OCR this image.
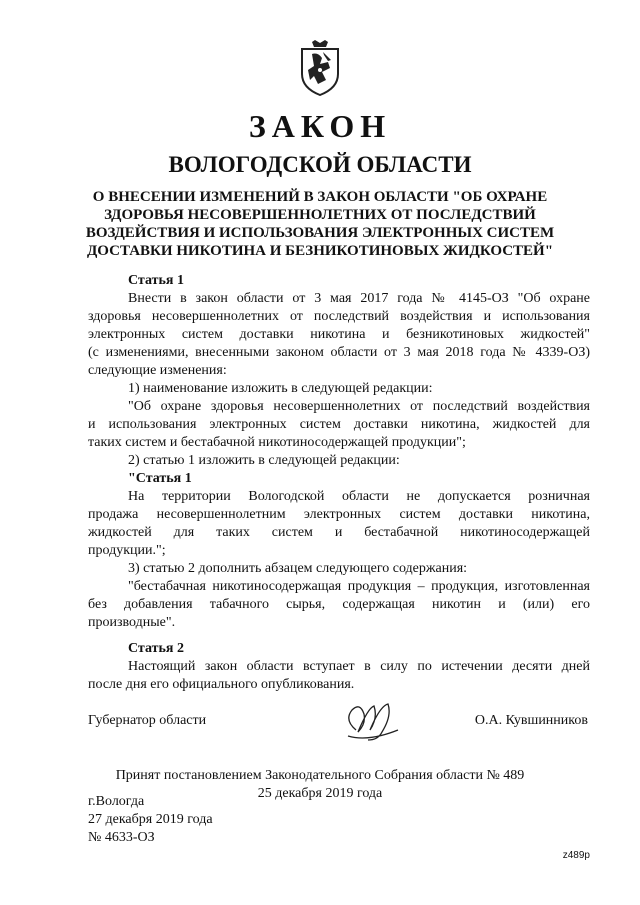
ЗАКОН
ВОЛОГОДСКОЙ ОБЛАСТИ
О ВНЕСЕНИИ ИЗМЕНЕНИЙ В ЗАКОН ОБЛАСТИ "ОБ ОХРАНЕ
ЗДОРОВЬЯ НЕСОВЕРШЕННОЛЕТНИХ ОТ ПОСЛЕДСТВИЙ
ВОЗДЕЙСТВИЯ И ИСПОЛЬЗОВАНИЯ ЭЛЕКТРОННЫХ СИСТЕМ
ДОСТАВКИ НИКОТИНА И БЕЗНИКОТИНОВЫХ ЖИДКОСТЕЙ"
Статья 1
Внести в закон области от 3 мая 2017 года № 4145-ОЗ "Об охране
здоровья несовершеннолетних от последствий воздействия и использования
электронных систем доставки никотина и безникотиновых жидкостей"
(с изменениями, внесенными законом области от 3 мая 2018 года № 4339-ОЗ)
следующие изменения:
1) наименование изложить в следующей редакции:
"Об охране здоровья несовершеннолетних от последствий воздействия
и использования электронных систем доставки никотина, жидкостей для
таких систем и бестабачной никотиносодержащей продукции";
2) статью 1 изложить в следующей редакции:
"Статья 1
На территории Вологодской области не допускается розничная
продажа несовершеннолетним электронных систем доставки никотина,
жидкостей для таких систем и бестабачной никотиносодержащей
продукции.";
3) статью 2 дополнить абзацем следующего содержания:
"бестабачная никотиносодержащая продукция – продукция, изготовленная
без добавления табачного сырья, содержащая никотин и (или) его
производные".
Статья 2
Настоящий закон области вступает в силу по истечении десяти дней
после дня его официального опубликования.
Губернатор области	О.А. Кувшинников
Принят постановлением Законодательного Собрания области № 489
25 декабря 2019 года
г.Вологда
27 декабря 2019 года
№ 4633-ОЗ
z489p
